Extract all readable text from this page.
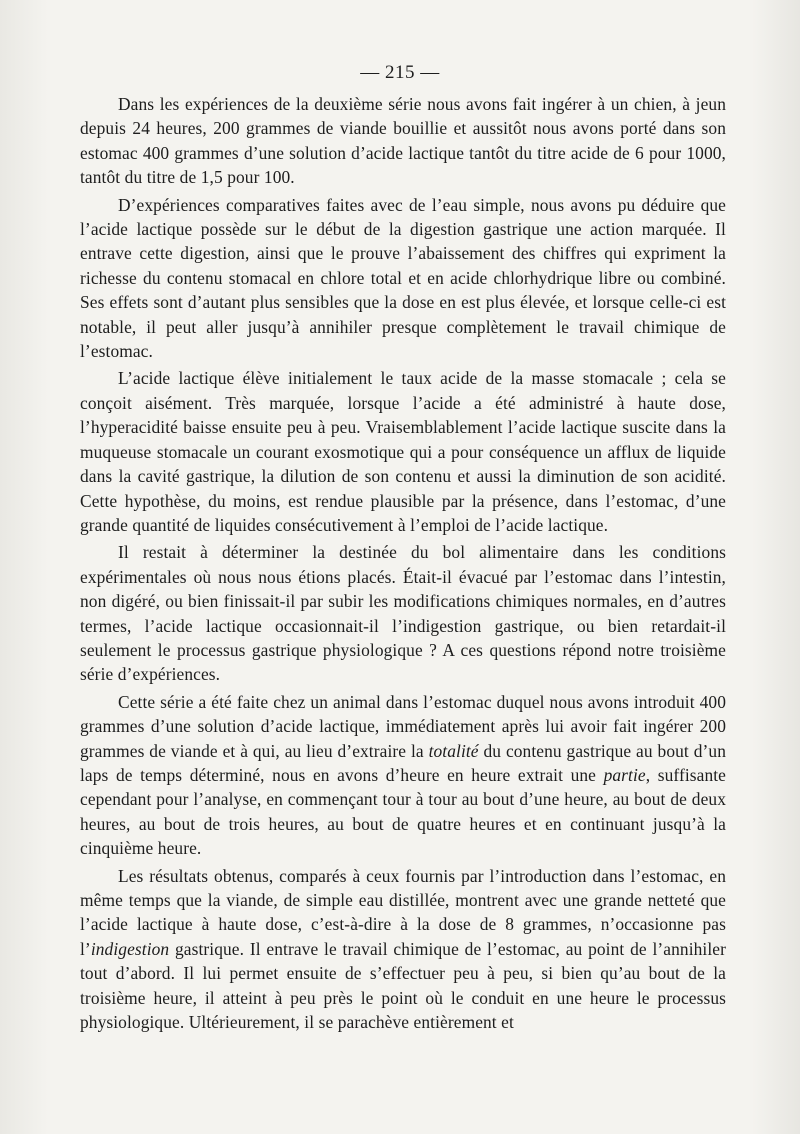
— 215 —

Dans les expériences de la deuxième série nous avons fait ingérer à un chien, à jeun depuis 24 heures, 200 grammes de viande bouillie et aussitôt nous avons porté dans son estomac 400 grammes d’une solution d’acide lactique tantôt du titre acide de 6 pour 1000, tantôt du titre de 1,5 pour 100.

D’expériences comparatives faites avec de l’eau simple, nous avons pu déduire que l’acide lactique possède sur le début de la digestion gastrique une action marquée. Il entrave cette digestion, ainsi que le prouve l’abaissement des chiffres qui expriment la richesse du contenu stomacal en chlore total et en acide chlorhydrique libre ou combiné. Ses effets sont d’autant plus sensibles que la dose en est plus élevée, et lorsque celle-ci est notable, il peut aller jusqu’à annihiler presque complètement le travail chimique de l’estomac.

L’acide lactique élève initialement le taux acide de la masse stomacale ; cela se conçoit aisément. Très marquée, lorsque l’acide a été administré à haute dose, l’hyperacidité baisse ensuite peu à peu. Vraisemblablement l’acide lactique suscite dans la muqueuse stomacale un courant exosmotique qui a pour conséquence un afflux de liquide dans la cavité gastrique, la dilution de son contenu et aussi la diminution de son acidité. Cette hypothèse, du moins, est rendue plausible par la présence, dans l’estomac, d’une grande quantité de liquides consécutivement à l’emploi de l’acide lactique.

Il restait à déterminer la destinée du bol alimentaire dans les conditions expérimentales où nous nous étions placés. Était-il évacué par l’estomac dans l’intestin, non digéré, ou bien finissait-il par subir les modifications chimiques normales, en d’autres termes, l’acide lactique occasionnait-il l’indigestion gastrique, ou bien retardait-il seulement le processus gastrique physiologique ? A ces questions répond notre troisième série d’expériences.

Cette série a été faite chez un animal dans l’estomac duquel nous avons introduit 400 grammes d’une solution d’acide lactique, immédiatement après lui avoir fait ingérer 200 grammes de viande et à qui, au lieu d’extraire la totalité du contenu gastrique au bout d’un laps de temps déterminé, nous en avons d’heure en heure extrait une partie, suffisante cependant pour l’analyse, en commençant tour à tour au bout d’une heure, au bout de deux heures, au bout de trois heures, au bout de quatre heures et en continuant jusqu’à la cinquième heure.

Les résultats obtenus, comparés à ceux fournis par l’introduction dans l’estomac, en même temps que la viande, de simple eau distillée, montrent avec une grande netteté que l’acide lactique à haute dose, c’est-à-dire à la dose de 8 grammes, n’occasionne pas l’indigestion gastrique. Il entrave le travail chimique de l’estomac, au point de l’annihiler tout d’abord. Il lui permet ensuite de s’effectuer peu à peu, si bien qu’au bout de la troisième heure, il atteint à peu près le point où le conduit en une heure le processus physiologique. Ultérieurement, il se parachève entièrement et
